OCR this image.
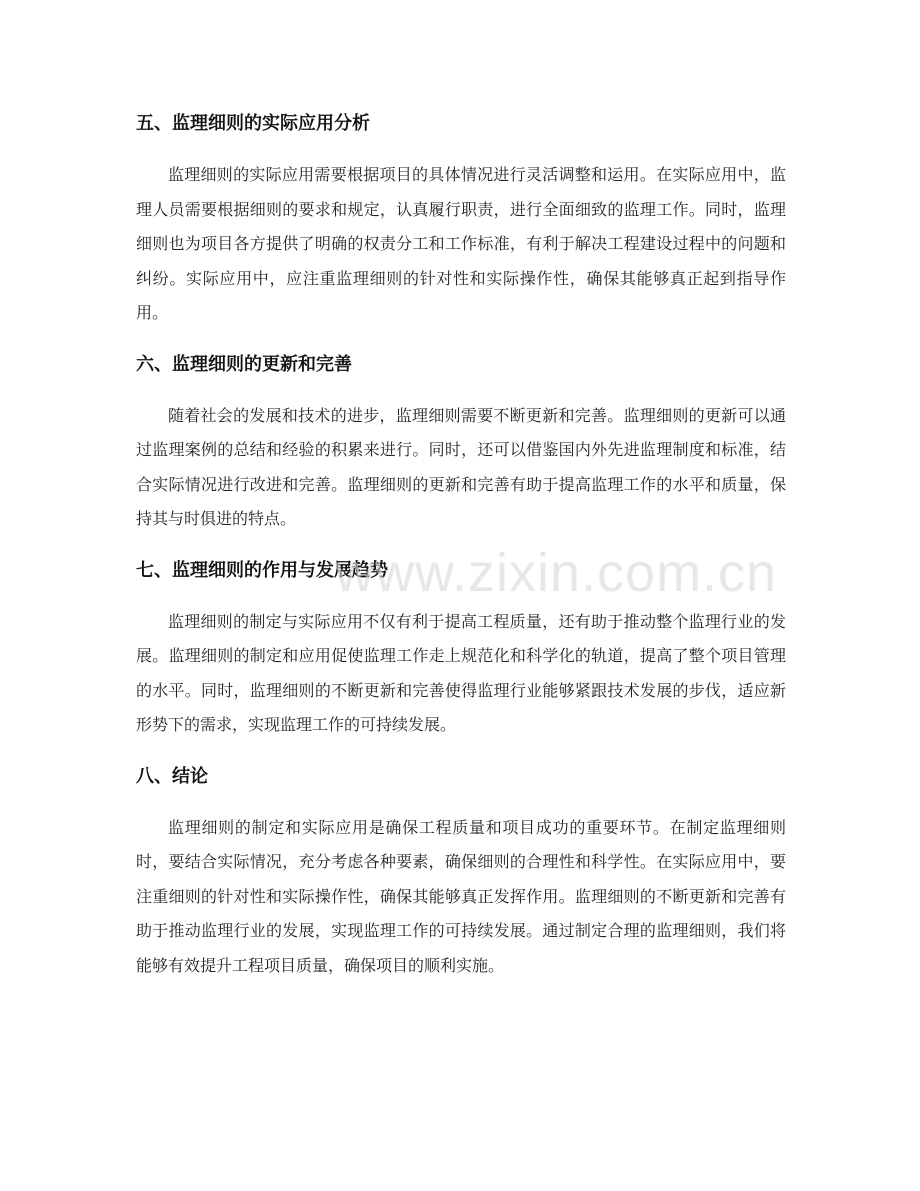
五、监理细则的实际应用分析

监理细则的实际应用需要根据项目的具体情况进行灵活调整和运用。在实际应用中，监理人员需要根据细则的要求和规定，认真履行职责，进行全面细致的监理工作。同时，监理细则也为项目各方提供了明确的权责分工和工作标准，有利于解决工程建设过程中的问题和纠纷。实际应用中，应注重监理细则的针对性和实际操作性，确保其能够真正起到指导作用。

六、监理细则的更新和完善

随着社会的发展和技术的进步，监理细则需要不断更新和完善。监理细则的更新可以通过监理案例的总结和经验的积累来进行。同时，还可以借鉴国内外先进监理制度和标准，结合实际情况进行改进和完善。监理细则的更新和完善有助于提高监理工作的水平和质量，保持其与时俱进的特点。

七、监理细则的作用与发展趋势

监理细则的制定与实际应用不仅有利于提高工程质量，还有助于推动整个监理行业的发展。监理细则的制定和应用促使监理工作走上规范化和科学化的轨道，提高了整个项目管理的水平。同时，监理细则的不断更新和完善使得监理行业能够紧跟技术发展的步伐，适应新形势下的需求，实现监理工作的可持续发展。

八、结论

监理细则的制定和实际应用是确保工程质量和项目成功的重要环节。在制定监理细则时，要结合实际情况，充分考虑各种要素，确保细则的合理性和科学性。在实际应用中，要注重细则的针对性和实际操作性，确保其能够真正发挥作用。监理细则的不断更新和完善有助于推动监理行业的发展，实现监理工作的可持续发展。通过制定合理的监理细则，我们将能够有效提升工程项目质量，确保项目的顺利实施。

www.zixin.com.cn
